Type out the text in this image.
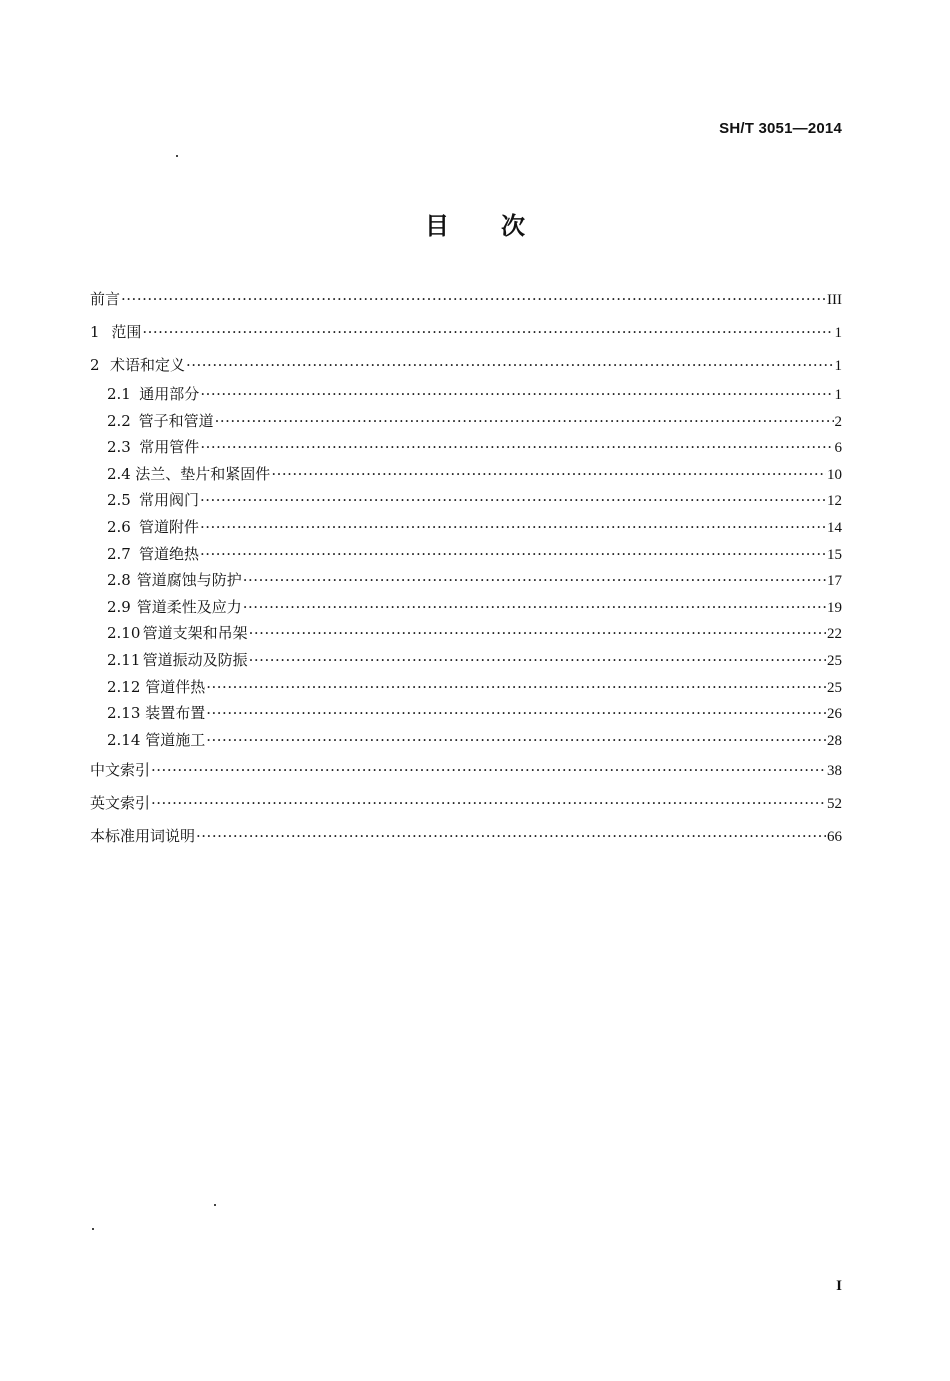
SH/T 3051—2014
目 次
前言 ·····	III
1 范围 ·····	1
2 术语和定义 ·····	1
2.1 通用部分 ·····	1
2.2 管子和管道 ·····	2
2.3 常用管件 ·····	6
2.4 法兰、垫片和紧固件 ·····	10
2.5 常用阀门 ·····	12
2.6 管道附件 ·····	14
2.7 管道绝热 ·····	15
2.8 管道腐蚀与防护 ·····	17
2.9 管道柔性及应力 ·····	19
2.10 管道支架和吊架 ·····	22
2.11 管道振动及防振 ·····	25
2.12 管道伴热 ·····	25
2.13 装置布置 ·····	26
2.14 管道施工 ·····	28
中文索引 ·····	38
英文索引 ·····	52
本标准用词说明 ·····	66
I
